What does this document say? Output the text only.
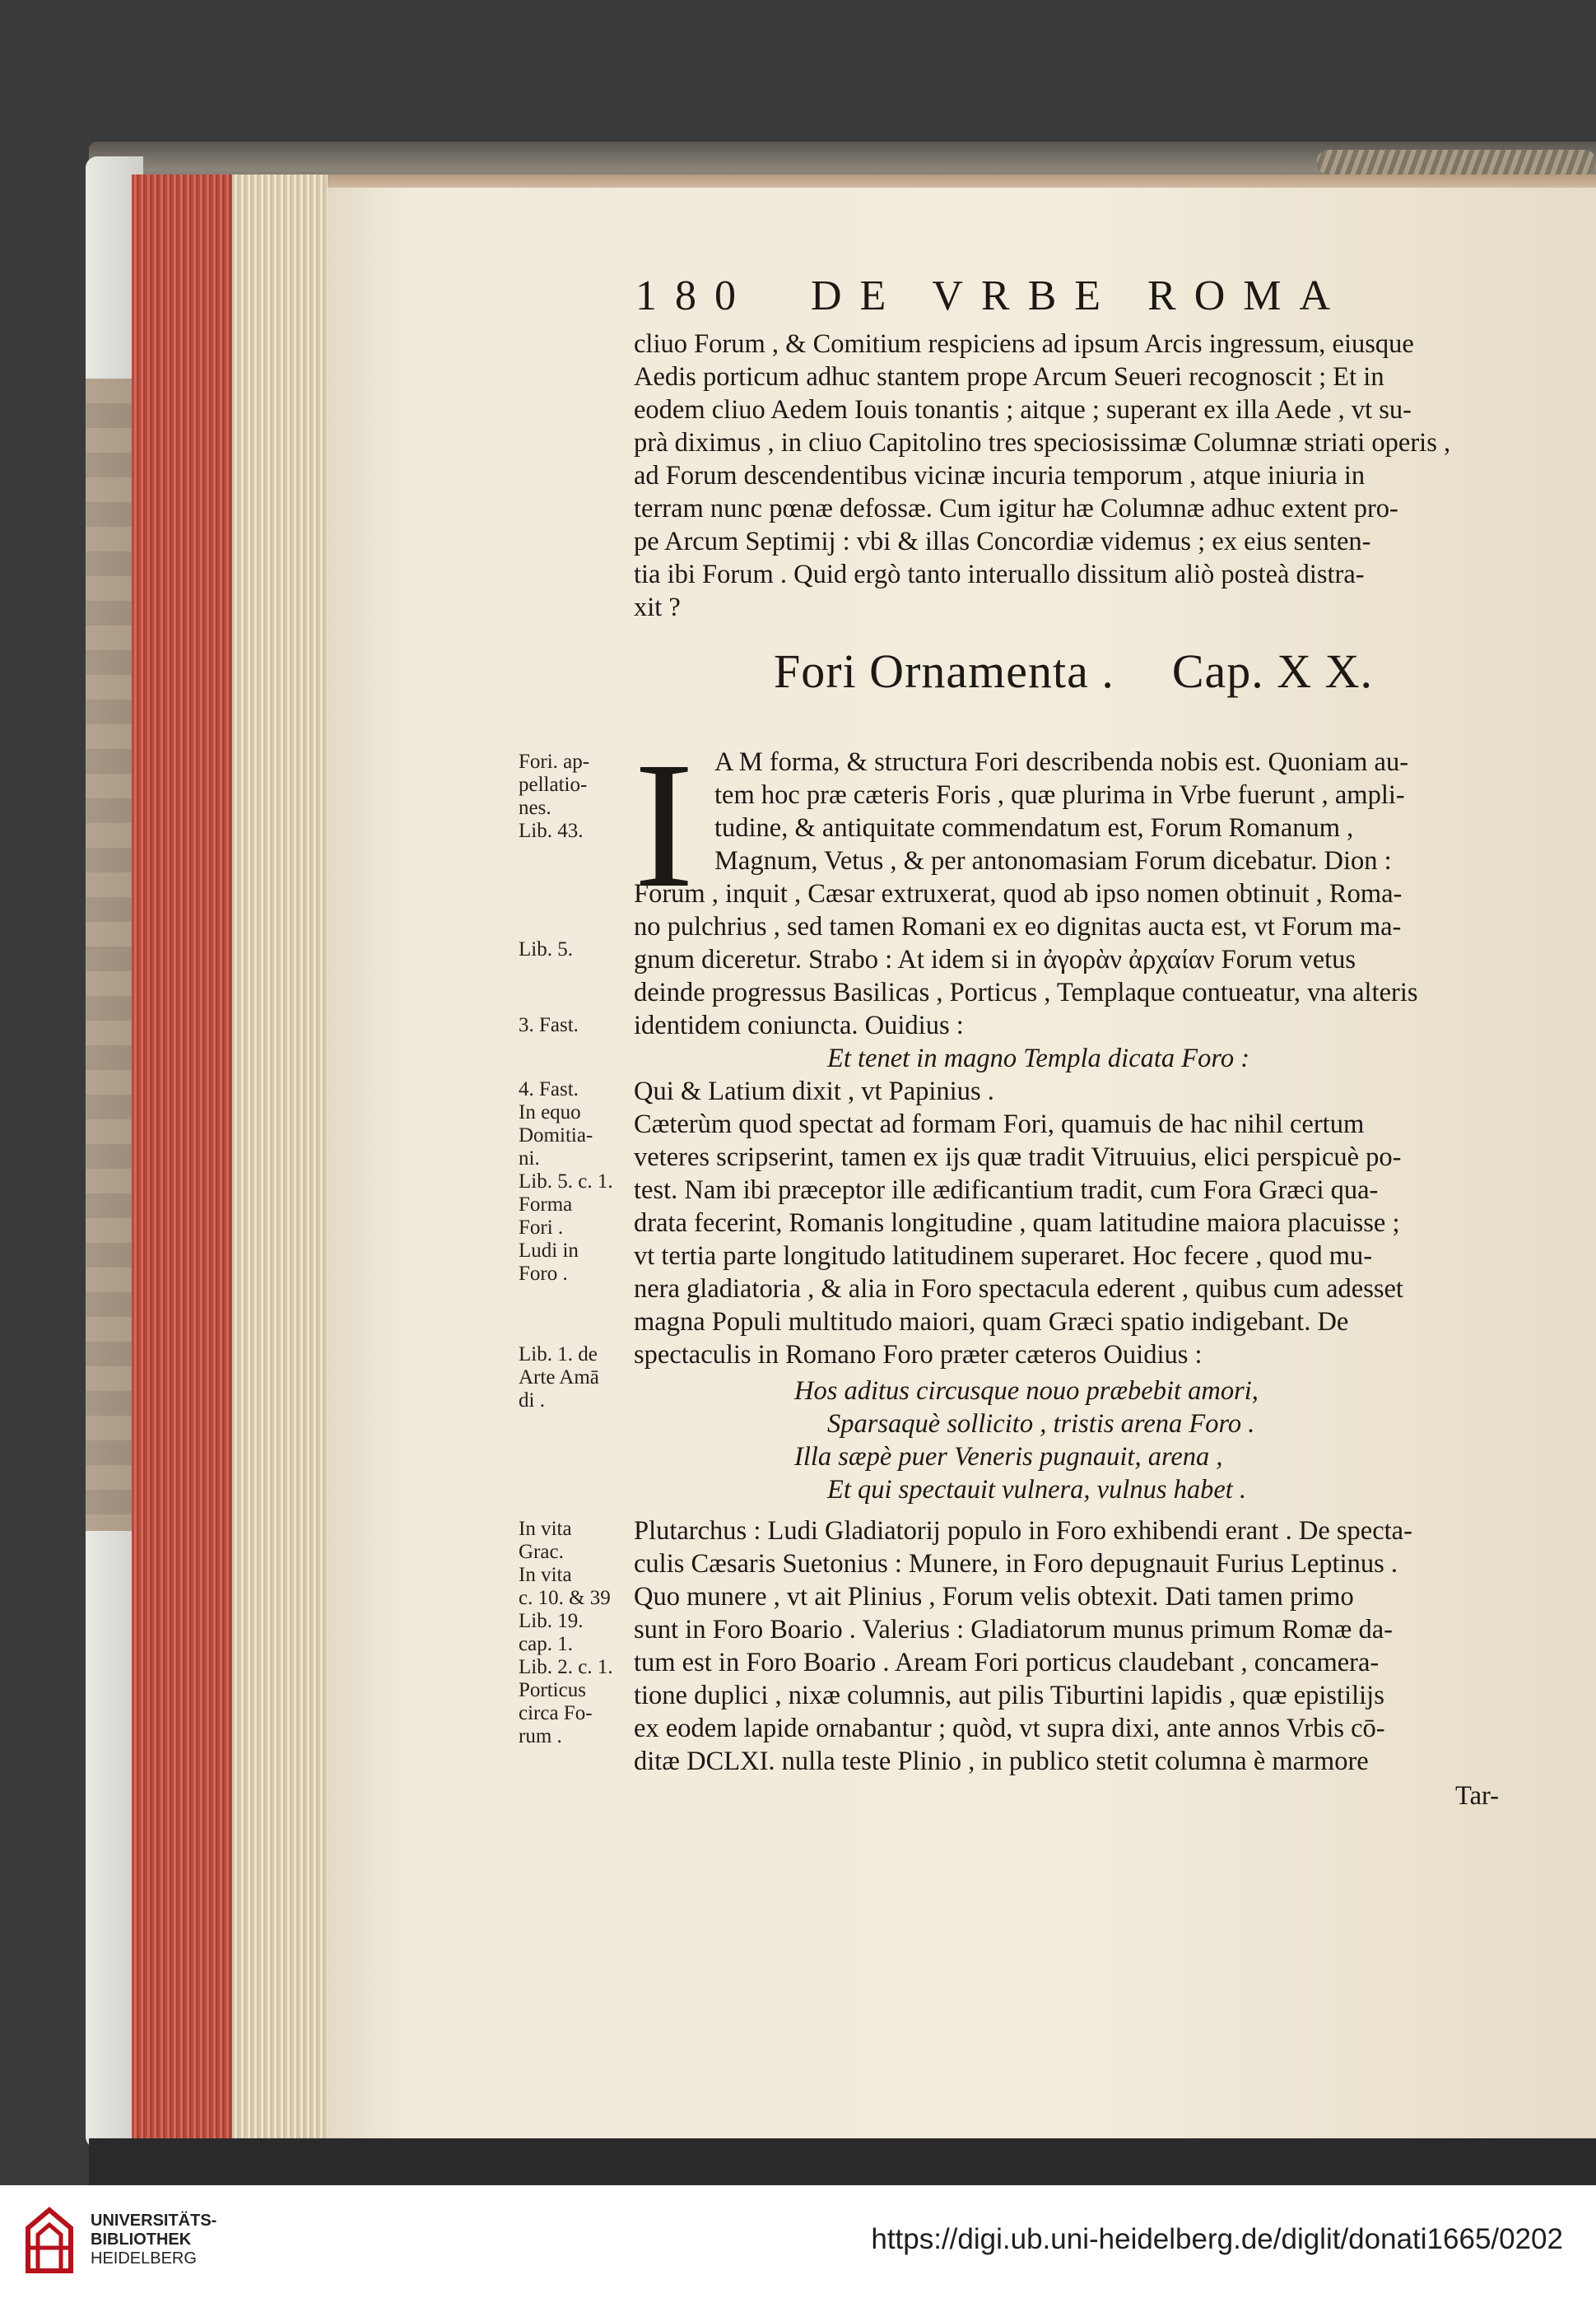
180 DE VRBE ROMA
cliuo Forum , & Comitium respiciens ad ipsum Arcis ingressum, eiusque
Aedis porticum adhuc stantem prope Arcum Seueri recognoscit ; Et in
eodem cliuo Aedem Iouis tonantis ; aitque ; superant ex illa Aede , vt su-
prà diximus , in cliuo Capitolino tres speciosissimæ Columnæ striati operis ,
ad Forum descendentibus vicinæ incuria temporum , atque iniuria in
terram nunc pœnæ defossæ. Cum igitur hæ Columnæ adhuc extent pro-
pe Arcum Septimij : vbi & illas Concordiæ videmus ; ex eius senten-
tia ibi Forum . Quid ergò tanto interuallo dissitum aliò posteà distra-
xit ?
Fori Ornamenta . Cap. X X.
I A M forma, & structura Fori describenda nobis est. Quoniam au-
tem hoc præ cæteris Foris , quæ plurima in Vrbe fuerunt , ampli-
tudine, & antiquitate commendatum est, Forum Romanum ,
Magnum, Vetus , & per antonomasiam Forum dicebatur. Dion :
Forum , inquit , Cæsar extruxerat, quod ab ipso nomen obtinuit , Roma-
no pulchrius , sed tamen Romani ex eo dignitas aucta est, vt Forum ma-
gnum diceretur. Strabo : At idem si in ἀγορὰν ἀρχαίαν Forum vetus
deinde progressus Basilicas , Porticus , Templaque contueatur, vna alteris
identidem coniuncta. Ouidius :
Et tenet in magno Templa dicata Foro :
Qui & Latium dixit , vt Papinius .
Cæterùm quod spectat ad formam Fori, quamuis de hac nihil certum
veteres scripserint, tamen ex ijs quæ tradit Vitruuius, elici perspicuè po-
test. Nam ibi præceptor ille ædificantium tradit, cum Fora Græci qua-
drata fecerint, Romanis longitudine , quam latitudine maiora placuisse ;
vt tertia parte longitudo latitudinem superaret. Hoc fecere , quod mu-
nera gladiatoria , & alia in Foro spectacula ederent , quibus cum adesset
magna Populi multitudo maiori, quam Græci spatio indigebant. De
spectaculis in Romano Foro præter cæteros Ouidius :
Hos aditus circusque nouo præbebit amori,
Sparsaquè sollicito , tristis arena Foro .
Illa sæpè puer Veneris pugnauit, arena ,
Et qui spectauit vulnera, vulnus habet .
Plutarchus : Ludi Gladiatorij populo in Foro exhibendi erant . De specta-
culis Cæsaris Suetonius : Munere, in Foro depugnauit Furius Leptinus .
Quo munere , vt ait Plinius , Forum velis obtexit. Dati tamen primo
sunt in Foro Boario . Valerius : Gladiatorum munus primum Romæ da-
tum est in Foro Boario . Aream Fori porticus claudebant , concamera-
tione duplici , nixæ columnis, aut pilis Tiburtini lapidis , quæ epistilijs
ex eodem lapide ornabantur ; quòd, vt supra dixi, ante annos Vrbis cō-
ditæ DCLXI. nulla teste Plinio , in publico stetit columna è marmore
Tar-
Fori. ap-
pellatio-
nes.
Lib. 43.
Lib. 5.
3. Fast.
4. Fast.
In equo
Domitia-
ni.
Lib. 5. c. 1.
Forma
Fori .
Ludi in
Foro .
Lib. 1. de
Arte Amā
di .
In vita
Grac.
In vita
c. 10. & 39
Lib. 19.
cap. 1.
Lib. 2. c. 1.
Porticus
circa Fo-
rum .
UNIVERSITÄTS-
BIBLIOTHEK
HEIDELBERG
https://digi.ub.uni-heidelberg.de/diglit/donati1665/0202
